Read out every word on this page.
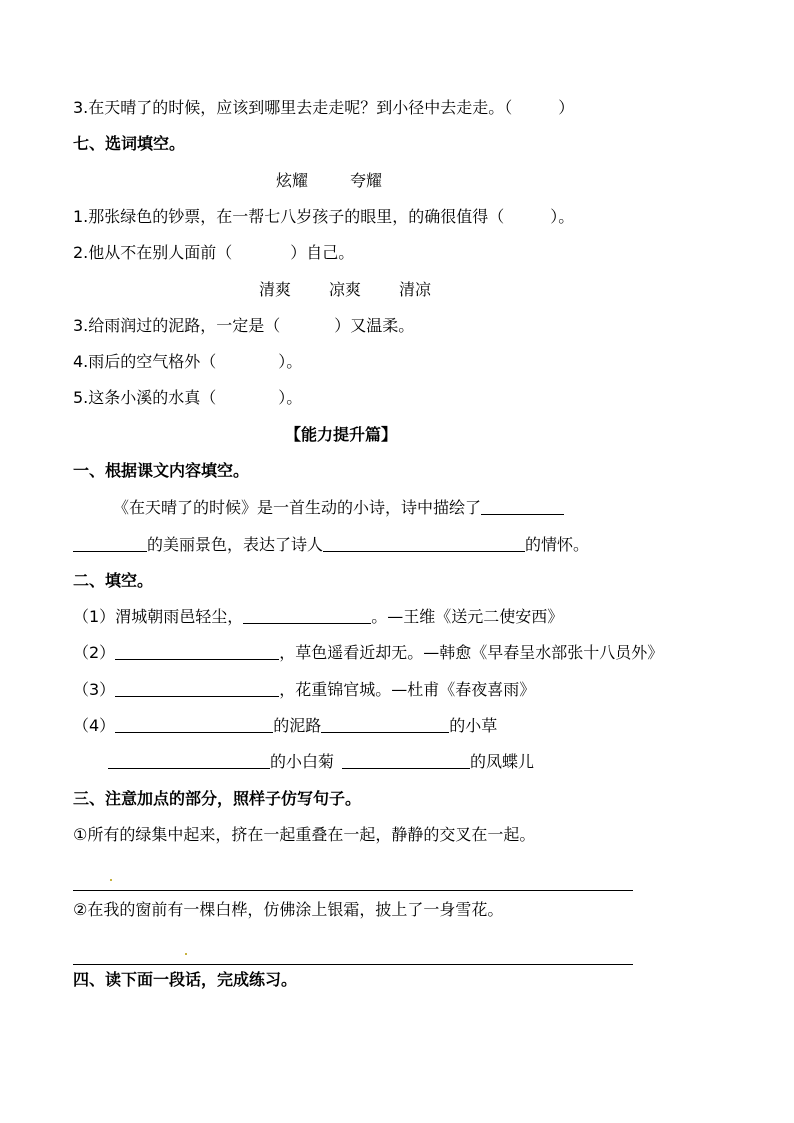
3.在天晴了的时候，应该到哪里去走走呢？到小径中去走走。（	）
七、选词填空。
炫耀	夸耀
1.那张绿色的钞票，在一帮七八岁孩子的眼里，的确很值得（	）。
2.他从不在别人面前（	）自己。
清爽 凉爽 清凉
3.给雨润过的泥路，一定是（	）又温柔。
4.雨后的空气格外（	）。
5.这条小溪的水真（	）。
【能力提升篇】
一、根据课文内容填空。
《在天晴了的时候》是一首生动的小诗，诗中描绘了
的美丽景色，表达了诗人	的情怀。
二、填空。
（1）渭城朝雨邑轻尘，	。—王维《送元二使安西》
（2）	，草色遥看近却无。—韩愈《早春呈水部张十八员外》
（3）	，花重锦官城。—杜甫《春夜喜雨》
（4）	的泥路	的小草
的小白菊	的凤蝶儿
三、注意加点的部分，照样子仿写句子。
①所有的绿集中起来，挤在一起重叠在一起，静静的交叉在一起。
②在我的窗前有一棵白桦，仿佛涂上银霜，披上了一身雪花。
四、读下面一段话，完成练习。
